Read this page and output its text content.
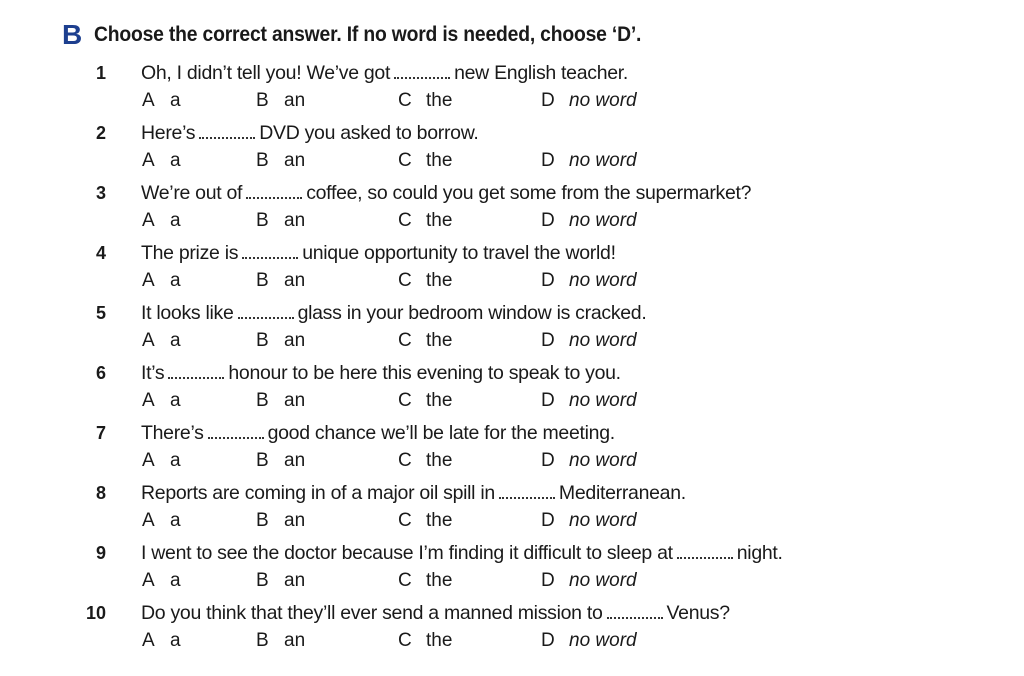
B Choose the correct answer. If no word is needed, choose ‘D’.
1 Oh, I didn’t tell you! We’ve got	new English teacher.
A a	B an	C the	D no word
2 Here’s	DVD you asked to borrow.
A a	B an	C the	D no word
3 We’re out of	coffee, so could you get some from the supermarket?
A a	B an	C the	D no word
4 The prize is	unique opportunity to travel the world!
A a	B an	C the	D no word
5 It looks like	glass in your bedroom window is cracked.
A a	B an	C the	D no word
6 It’s	honour to be here this evening to speak to you.
A a	B an	C the	D no word
7 There’s	good chance we’ll be late for the meeting.
A a	B an	C the	D no word
8 Reports are coming in of a major oil spill in	Mediterranean.
A a	B an	C the	D no word
9 I went to see the doctor because I’m finding it difficult to sleep at	night.
A a	B an	C the	D no word
10 Do you think that they’ll ever send a manned mission to	Venus?
A a	B an	C the	D no word
